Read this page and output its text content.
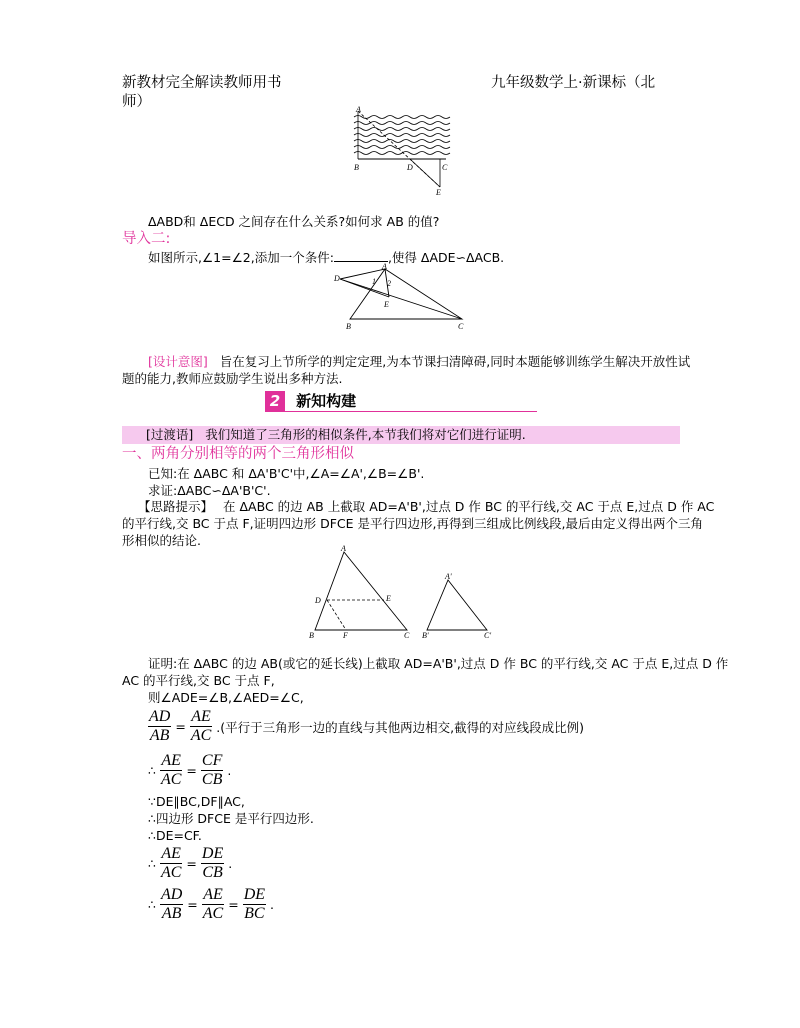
新教材完全解读教师用书	九年级数学上·新课标（北
师）	A
B	D	C
E
ΔABD和 ΔECD 之间存在什么关系?如何求 AB 的值?
导入二:
如图所示,∠1=∠2,添加一个条件:	,使得 ΔADE∽ΔACB.
A
D
E
B	C
1 2
[设计意图] 旨在复习上节所学的判定定理,为本节课扫清障碍,同时本题能够训练学生解决开放性试
题的能力,教师应鼓励学生说出多种方法.
2 新知构建
[过渡语] 我们知道了三角形的相似条件,本节我们将对它们进行证明.
一、两角分别相等的两个三角形相似
已知:在 ΔABC 和 ΔA'B'C'中,∠A=∠A',∠B=∠B'.
求证:ΔABC∽ΔA'B'C'.
【思路提示】 在 ΔABC 的边 AB 上截取 AD=A'B',过点 D 作 BC 的平行线,交 AC 于点 E,过点 D 作 AC
的平行线,交 BC 于点 F,证明四边形 DFCE 是平行四边形,再得到三组成比例线段,最后由定义得出两个三角
形相似的结论.
A
D	E
B	F	C
A'
B'	C'
证明:在 ΔABC 的边 AB(或它的延长线)上截取 AD=A'B',过点 D 作 BC 的平行线,交 AC 于点 E,过点 D 作
AC 的平行线,交 BC 于点 F,
则∠ADE=∠B,∠AED=∠C,
$\frac{AD}{AB} = \frac{AE}{AC}$ .(平行于三角形一边的直线与其他两边相交,截得的对应线段成比例)
∴ $\frac{AE}{AC} = \frac{CF}{CB}$ .
∵DE∥BC,DF∥AC,
∴四边形 DFCE 是平行四边形.
∴DE=CF.
∴ $\frac{AE}{AC} = \frac{DE}{CB}$ .
∴ $\frac{AD}{AB} = \frac{AE}{AC} = \frac{DE}{BC}$ .
